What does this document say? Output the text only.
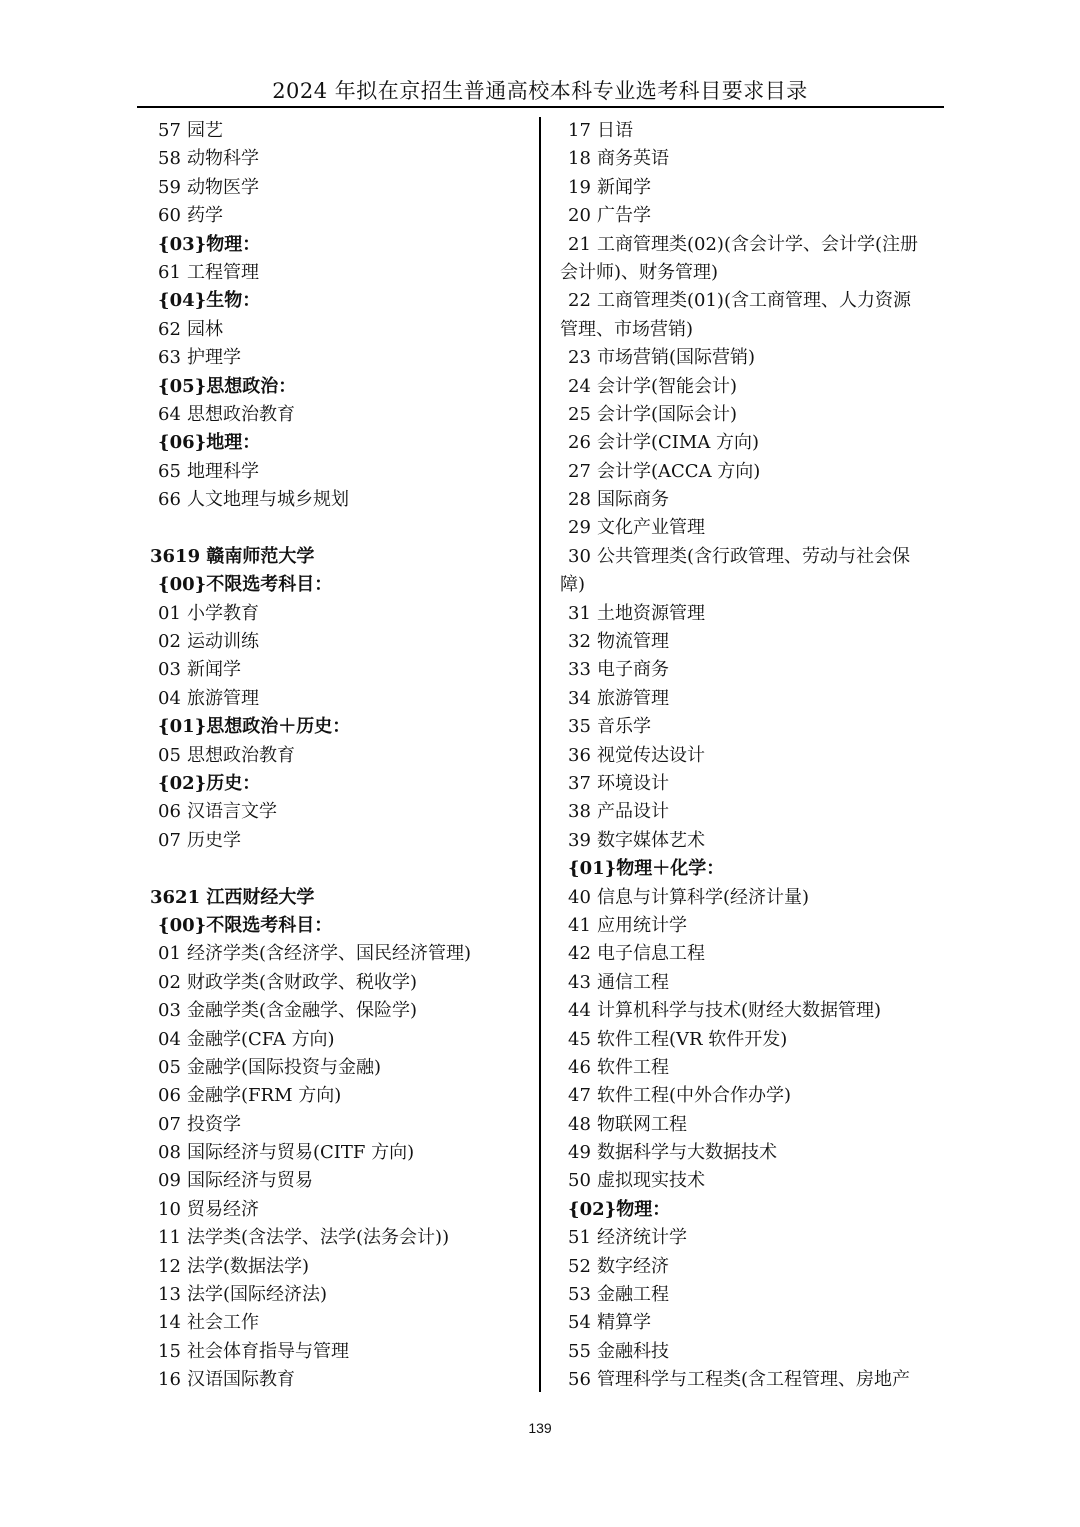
2024 年拟在京招生普通高校本科专业选考科目要求目录
57 园艺
58 动物科学
59 动物医学
60 药学
{03}物理：
61 工程管理
{04}生物：
62 园林
63 护理学
{05}思想政治：
64 思想政治教育
{06}地理：
65 地理科学
66 人文地理与城乡规划
3619 赣南师范大学
{00}不限选考科目：
01 小学教育
02 运动训练
03 新闻学
04 旅游管理
{01}思想政治＋历史：
05 思想政治教育
{02}历史：
06 汉语言文学
07 历史学
3621 江西财经大学
{00}不限选考科目：
01 经济学类(含经济学、国民经济管理)
02 财政学类(含财政学、税收学)
03 金融学类(含金融学、保险学)
04 金融学(CFA 方向)
05 金融学(国际投资与金融)
06 金融学(FRM 方向)
07 投资学
08 国际经济与贸易(CITF 方向)
09 国际经济与贸易
10 贸易经济
11 法学类(含法学、法学(法务会计))
12 法学(数据法学)
13 法学(国际经济法)
14 社会工作
15 社会体育指导与管理
16 汉语国际教育
17 日语
18 商务英语
19 新闻学
20 广告学
21 工商管理类(02)(含会计学、会计学(注册
会计师)、财务管理)
22 工商管理类(01)(含工商管理、人力资源
管理、市场营销)
23 市场营销(国际营销)
24 会计学(智能会计)
25 会计学(国际会计)
26 会计学(CIMA 方向)
27 会计学(ACCA 方向)
28 国际商务
29 文化产业管理
30 公共管理类(含行政管理、劳动与社会保
障)
31 土地资源管理
32 物流管理
33 电子商务
34 旅游管理
35 音乐学
36 视觉传达设计
37 环境设计
38 产品设计
39 数字媒体艺术
{01}物理＋化学：
40 信息与计算科学(经济计量)
41 应用统计学
42 电子信息工程
43 通信工程
44 计算机科学与技术(财经大数据管理)
45 软件工程(VR 软件开发)
46 软件工程
47 软件工程(中外合作办学)
48 物联网工程
49 数据科学与大数据技术
50 虚拟现实技术
{02}物理：
51 经济统计学
52 数字经济
53 金融工程
54 精算学
55 金融科技
56 管理科学与工程类(含工程管理、房地产
139
